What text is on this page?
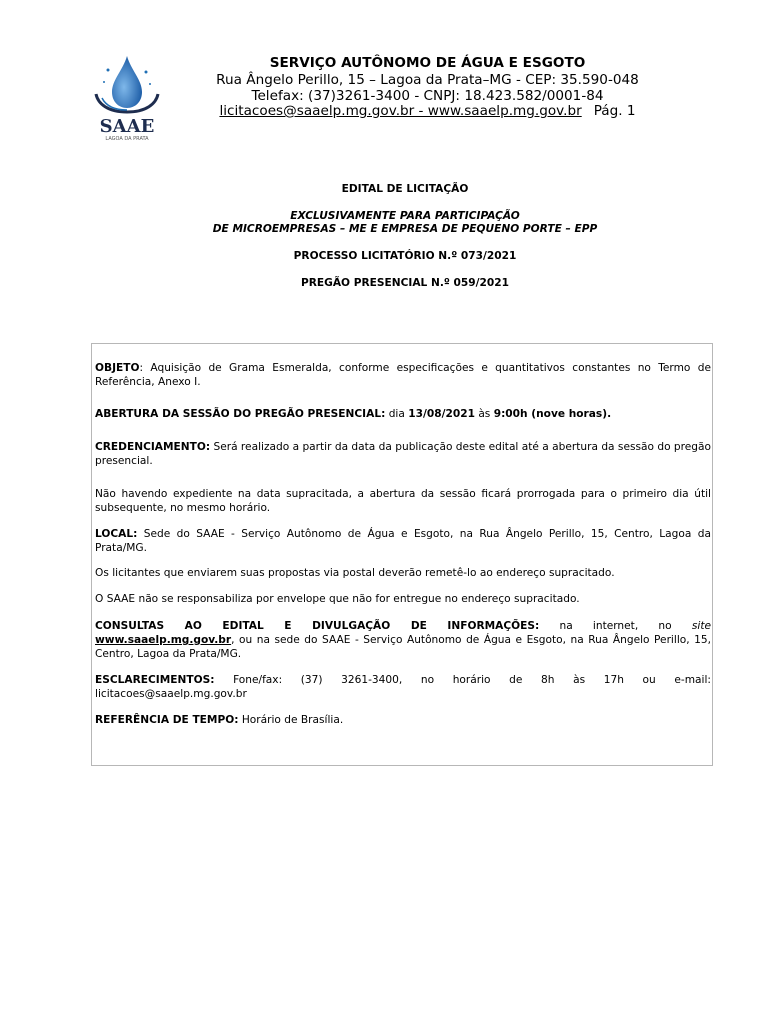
SAAE
LAGOA DA PRATA
SERVIÇO AUTÔNOMO DE ÁGUA E ESGOTO
Rua Ângelo Perillo, 15 – Lagoa da Prata–MG - CEP: 35.590-048
Telefax: (37)3261-3400 - CNPJ: 18.423.582/0001-84
licitacoes@saaelp.mg.gov.br - www.saaelp.mg.gov.br Pág. 1
EDITAL DE LICITAÇÃO
EXCLUSIVAMENTE PARA PARTICIPAÇÃO
DE MICROEMPRESAS – ME E EMPRESA DE PEQUENO PORTE – EPP
PROCESSO LICITATÓRIO N.º 073/2021
PREGÃO PRESENCIAL N.º 059/2021
OBJETO: Aquisição de Grama Esmeralda, conforme especificações e quantitativos constantes no Termo de Referência, Anexo I.
ABERTURA DA SESSÃO DO PREGÃO PRESENCIAL: dia 13/08/2021 às 9:00h (nove horas).
CREDENCIAMENTO: Será realizado a partir da data da publicação deste edital até a abertura da sessão do pregão presencial.
Não havendo expediente na data supracitada, a abertura da sessão ficará prorrogada para o primeiro dia útil subsequente, no mesmo horário.
LOCAL: Sede do SAAE - Serviço Autônomo de Água e Esgoto, na Rua Ângelo Perillo, 15, Centro, Lagoa da Prata/MG.
Os licitantes que enviarem suas propostas via postal deverão remetê-lo ao endereço supracitado.
O SAAE não se responsabiliza por envelope que não for entregue no endereço supracitado.
CONSULTAS AO EDITAL E DIVULGAÇÃO DE INFORMAÇÕES: na internet, no site
www.saaelp.mg.gov.br, ou na sede do SAAE - Serviço Autônomo de Água e Esgoto, na Rua Ângelo Perillo, 15, Centro, Lagoa da Prata/MG.
ESCLARECIMENTOS: Fone/fax: (37) 3261-3400, no horário de 8h às 17h ou e-mail:
licitacoes@saaelp.mg.gov.br
REFERÊNCIA DE TEMPO: Horário de Brasília.
